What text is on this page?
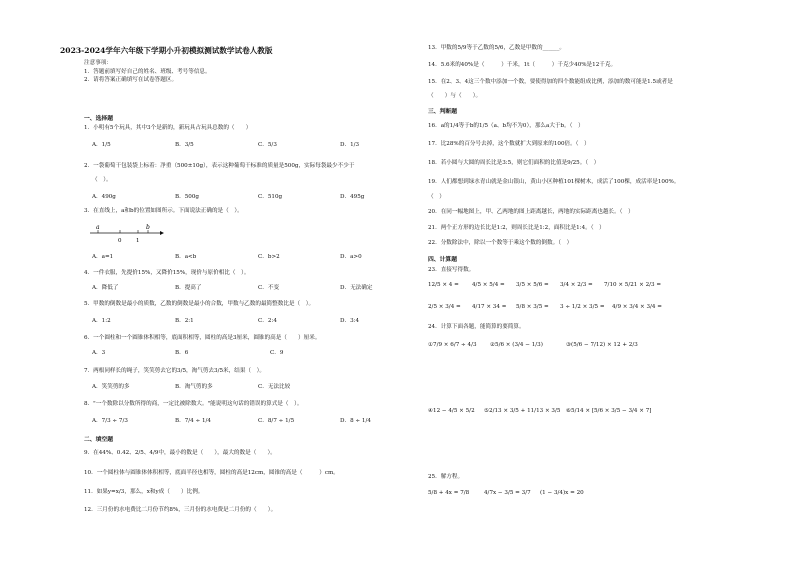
2023-2024学年六年级下学期小升初模拟测试数学试卷人教版
注意事项：
1．答题前填写好自己的姓名、班级、考号等信息。
2．请将答案正确填写在试卷答题区。
一、选择题
1．小明有5个玩具，其中3个是新的，新玩具占玩具总数的（　　）
A．1/5	B．3/5	C．5/3	D．1/3
2．一袋葡萄干包装袋上标着：净重（500±10g），表示这种葡萄干标准的质量是500g，实际每袋最少不少于
（　）。
A．490g	B．500g	C．510g	D．495g
3．在直线上，a和b的位置如图所示。下面说法正确的是（　）。
a	b
0	1
A．a=1	B．a<b	C．b>2	D．a>0
4．一件衣服，先提价15%，又降价15%，现价与原价相比（　）。
A．降低了	B．提高了	C．不变	D．无法确定
5．甲数的倒数是最小的质数，乙数的倒数是最小的合数，甲数与乙数的最简整数比是（　）。
A．1:2	B．2:1	C．2:4	D．3:4
6．一个圆柱和一个圆锥体积相等，底面积相等，圆柱的高是3厘米，圆锥的高是（　　）厘米。
A．3	B．6	C．9
7．两根同样长的绳子，笑笑剪去它的3/5，淘气剪去3/5米，结果（　）。
A．笑笑剪的多	B．淘气剪的多	C．无法比较
8．"一个数除以分数所得的商，一定比被除数大。"能说明这句话的错误的算式是（　）。
A．7/3 ÷ 7/3	B．7/4 ÷ 1/4	C．8/7 ÷ 1/5	D．8 ÷ 1/4
二、填空题
9．在44%、0.42、2/5、4/9中，最小的数是（　　），最大的数是（　　）。
10．一个圆柱体与圆锥体体积相等，底面半径也相等，圆柱的高是12cm，圆锥的高是（　　　）cm。
11．如果y=x/3，那么，x和y成（　　）比例。
12．三月份的水电费比二月份节约8%，三月份的水电费是二月份的（　　）。
13．甲数的5/9等于乙数的5/6，乙数是甲数的______。
14．5.6米的40%是（　　　）千米，1t（　　　）千克少40%是12千克。
15．在2、3、4这三个数中添加一个数，要使得加的四个数能组成比例，添加的数可能是1.5或者是
（　　）与（　　）。
三、判断题
16．a的1/4等于b的1/5（a、b均不为0），那么a大于b。（　）
17．比28%的百分号去掉，这个数就扩大到原来的100倍。（　）
18．若小圆与大圆的周长比是3:5，则它们面积的比值是9/25。（　）
19．人们都想到绿水青山就是金山银山，黄山小区种植101棵树木，成活了100棵，成活率是100%。
（　）
20．在同一幅地图上，甲、乙两地的图上距离越长，两地的实际距离也越长。（　）
21．两个正方形的边长比是1:2，则周长比是1:2，面积比是1:4。（　）
22．分数除法中，除以一个数等于乘这个数的倒数。（　）
四、计算题
23．直接写得数。
12/5 × 4 = 4/5 × 5/4 = 3/5 × 5/6 = 3/4 × 2/3 = 7/10 × 5/21 × 2/3 =
2/5 × 3/4 = 4/17 × 34 = 5/8 × 3/5 = 3 ÷ 1/2 × 3/5 = 4/9 × 3/4 × 3/4 =
24．计算下面各题，能简算的要简算。
①7/9 × 6/7 ÷ 4/3 ②5/6 × (3/4 − 1/3)	③(5/6 − 7/12) × 12 + 2/3
④12 − 4/5 × 5/2 ⑤2/13 × 3/5 + 11/13 × 3/5 ⑥5/14 × [5/6 × 3/5 − 3/4 × 7]
25．解方程。
5/8 + 4x = 7/8	4/7x − 3/5 = 3/7 (1 − 3/4)x = 20
